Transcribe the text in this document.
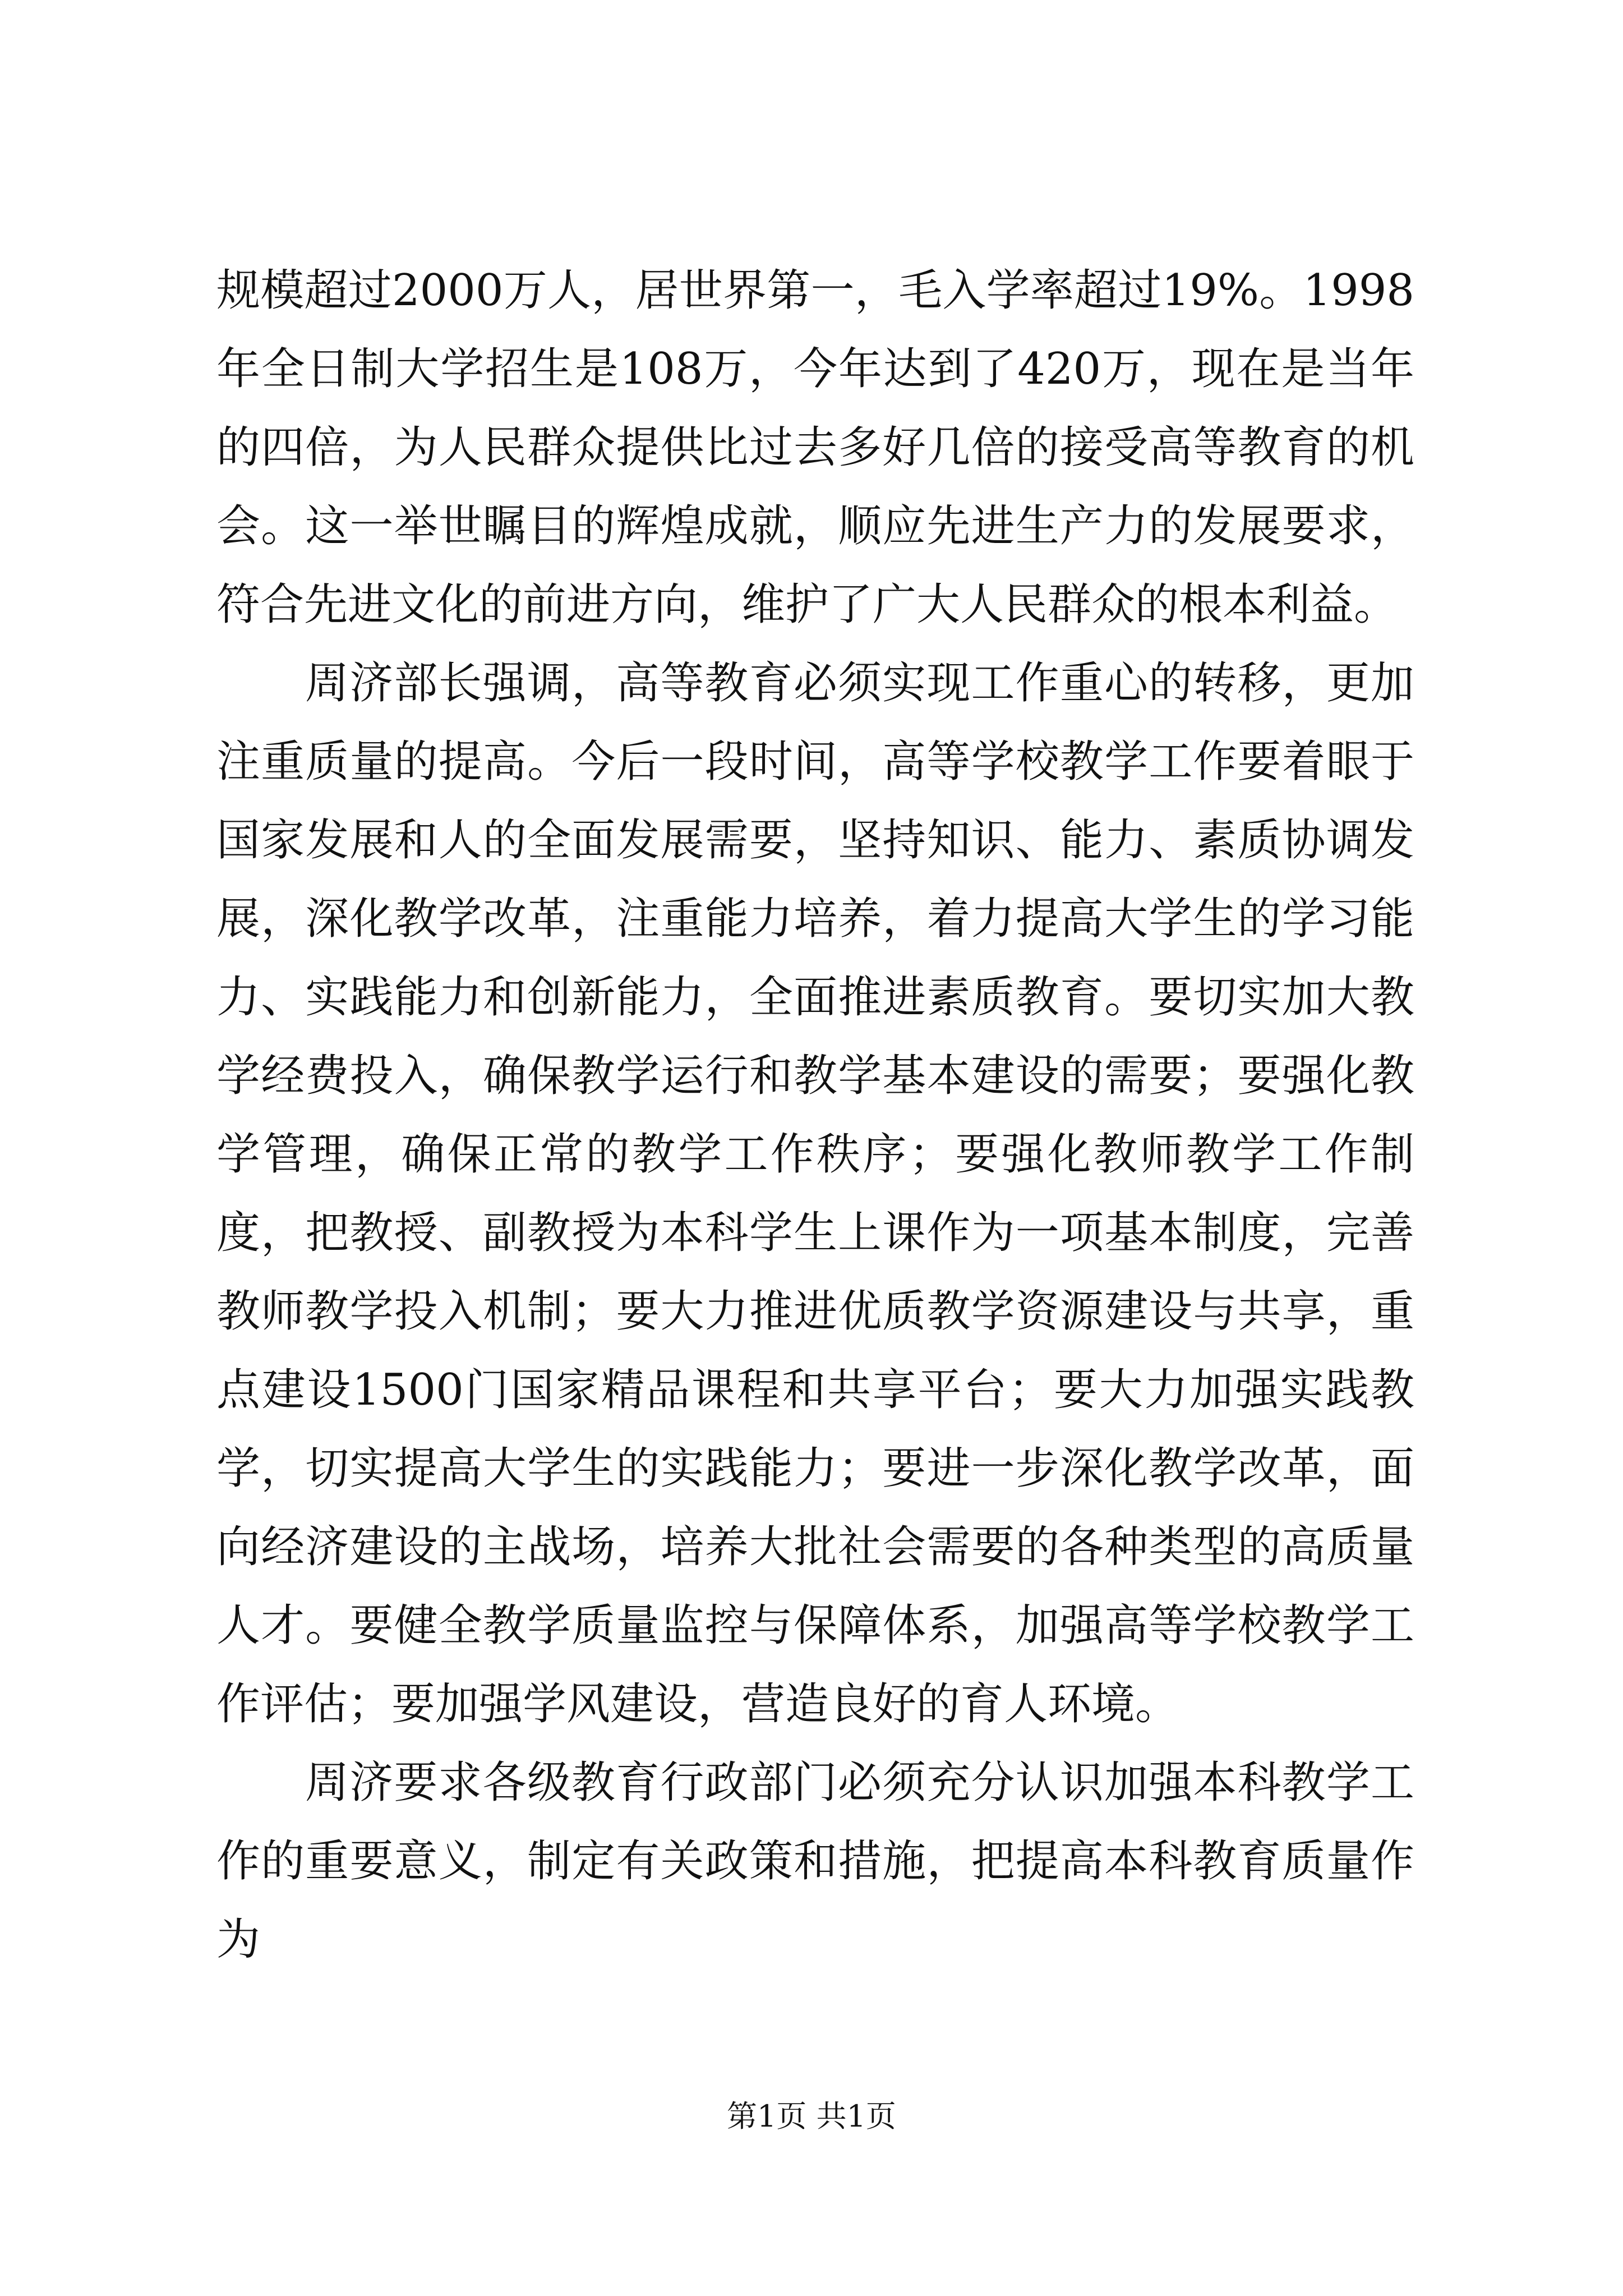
规模超过2000万人，居世界第一，毛入学率超过19%。1998年全日制大学招生是108万，今年达到了420万，现在是当年的四倍，为人民群众提供比过去多好几倍的接受高等教育的机会。这一举世瞩目的辉煌成就，顺应先进生产力的发展要求，符合先进文化的前进方向，维护了广大人民群众的根本利益。

周济部长强调，高等教育必须实现工作重心的转移，更加注重质量的提高。今后一段时间，高等学校教学工作要着眼于国家发展和人的全面发展需要，坚持知识、能力、素质协调发展，深化教学改革，注重能力培养，着力提高大学生的学习能力、实践能力和创新能力，全面推进素质教育。要切实加大教学经费投入，确保教学运行和教学基本建设的需要；要强化教学管理，确保正常的教学工作秩序；要强化教师教学工作制度，把教授、副教授为本科学生上课作为一项基本制度，完善教师教学投入机制；要大力推进优质教学资源建设与共享，重点建设1500门国家精品课程和共享平台；要大力加强实践教学，切实提高大学生的实践能力；要进一步深化教学改革，面向经济建设的主战场，培养大批社会需要的各种类型的高质量人才。要健全教学质量监控与保障体系，加强高等学校教学工作评估；要加强学风建设，营造良好的育人环境。

周济要求各级教育行政部门必须充分认识加强本科教学工作的重要意义，制定有关政策和措施，把提高本科教育质量作为

第1页 共1页
